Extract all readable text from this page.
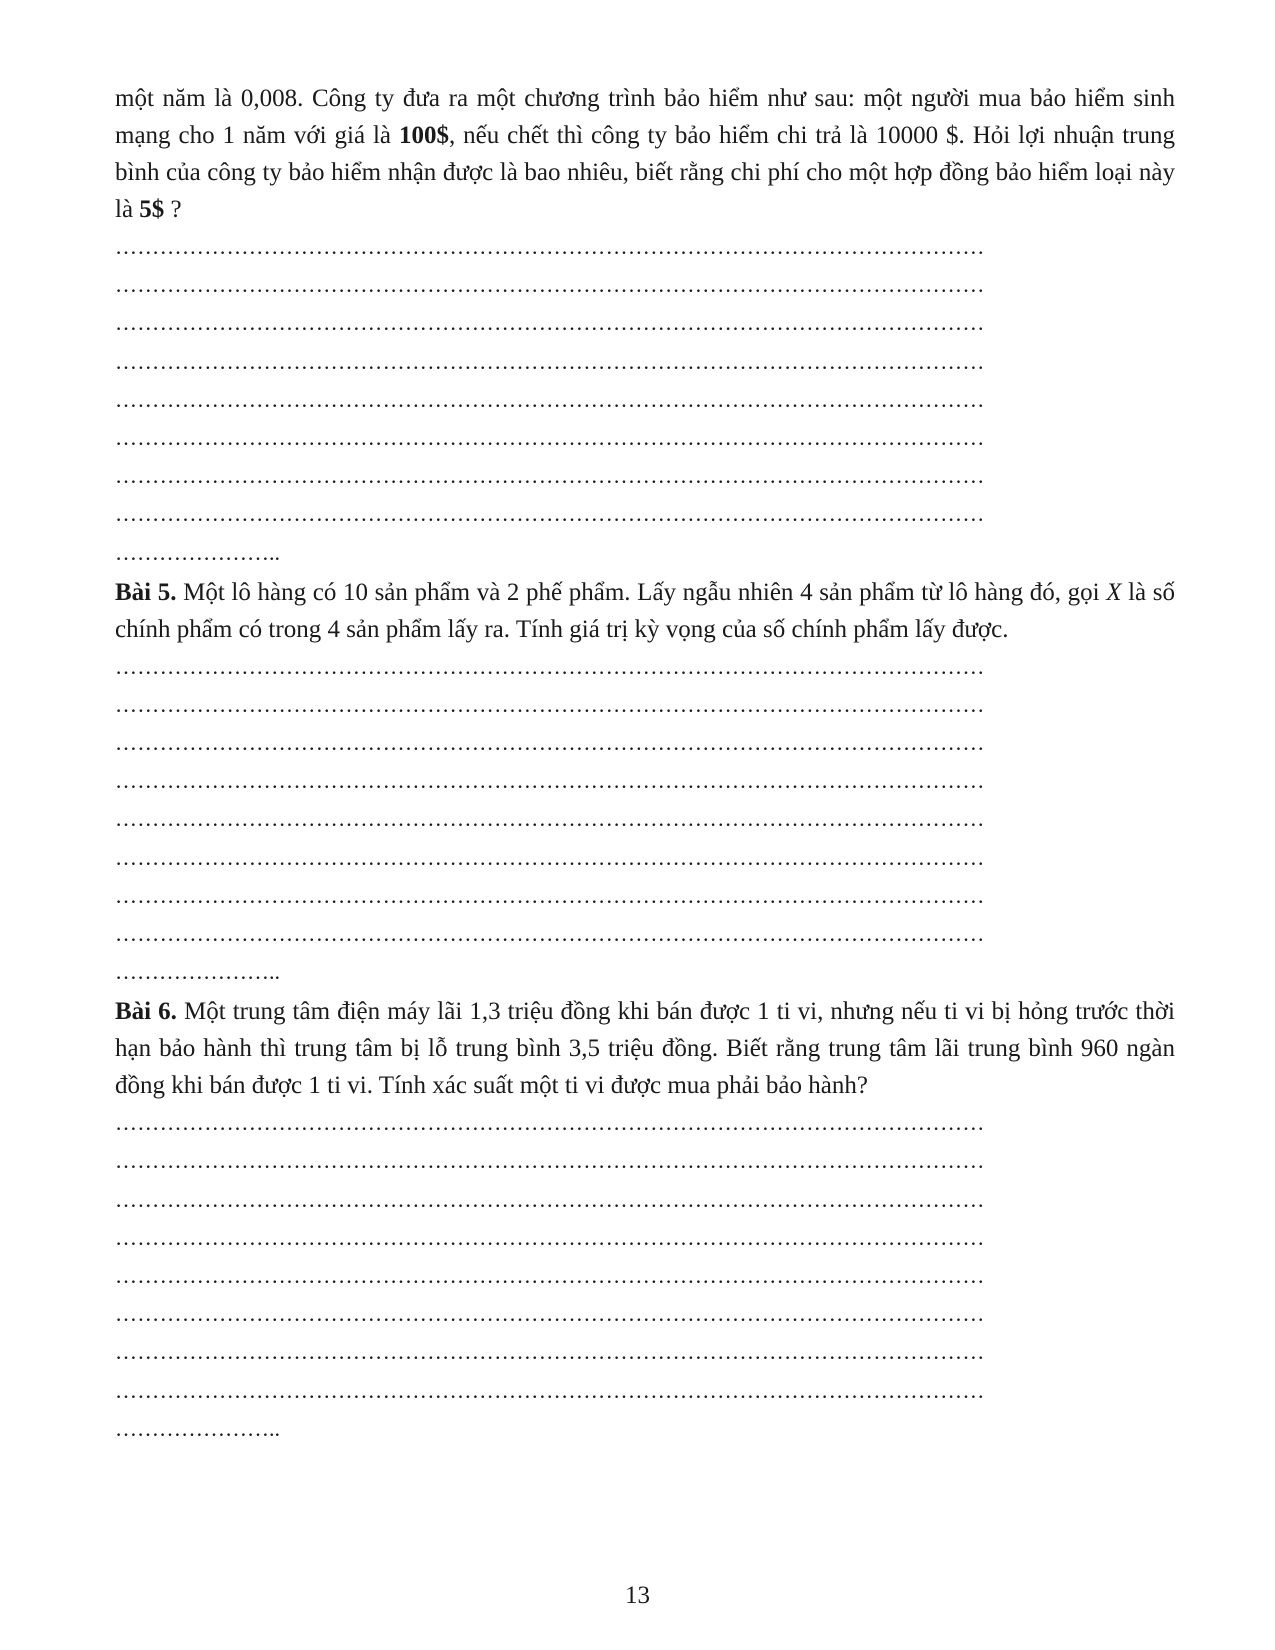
một năm là 0,008. Công ty đưa ra một chương trình bảo hiểm như sau: một người mua bảo hiểm sinh mạng cho 1 năm với giá là 100$, nếu chết thì công ty bảo hiểm chi trả là 10000 $. Hỏi lợi nhuận trung bình của công ty bảo hiểm nhận được là bao nhiêu, biết rằng chi phí cho một hợp đồng bảo hiểm loại này là 5$ ?

………………………………………………………………………………………………………
………………………………………………………………………………………………………
………………………………………………………………………………………………………
………………………………………………………………………………………………………
………………………………………………………………………………………………………
………………………………………………………………………………………………………
………………………………………………………………………………………………………
………………………………………………………………………………………………………
…………………..

Bài 5. Một lô hàng có 10 sản phẩm và 2 phế phẩm. Lấy ngẫu nhiên 4 sản phẩm từ lô hàng đó, gọi X là số chính phẩm có trong 4 sản phẩm lấy ra. Tính giá trị kỳ vọng của số chính phẩm lấy được.

………………………………………………………………………………………………………
………………………………………………………………………………………………………
………………………………………………………………………………………………………
………………………………………………………………………………………………………
………………………………………………………………………………………………………
………………………………………………………………………………………………………
………………………………………………………………………………………………………
………………………………………………………………………………………………………
…………………..

Bài 6. Một trung tâm điện máy lãi 1,3 triệu đồng khi bán được 1 ti vi, nhưng nếu ti vi bị hỏng trước thời hạn bảo hành thì trung tâm bị lỗ trung bình 3,5 triệu đồng. Biết rằng trung tâm lãi trung bình 960 ngàn đồng khi bán được 1 ti vi. Tính xác suất một ti vi được mua phải bảo hành?

………………………………………………………………………………………………………
………………………………………………………………………………………………………
………………………………………………………………………………………………………
………………………………………………………………………………………………………
………………………………………………………………………………………………………
………………………………………………………………………………………………………
………………………………………………………………………………………………………
………………………………………………………………………………………………………
…………………..
13
